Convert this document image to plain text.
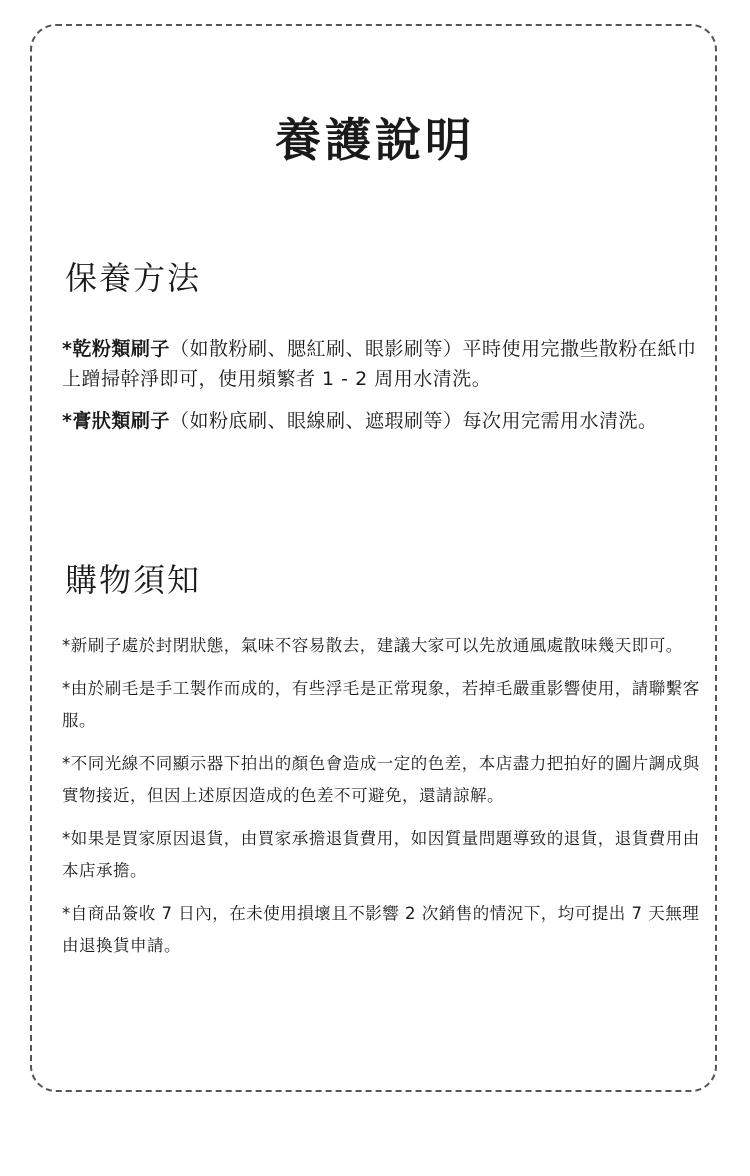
養護說明
保養方法

*乾粉類刷子（如散粉刷、腮紅刷、眼影刷等）平時使用完撒些散粉在紙巾上蹭掃幹淨即可，使用頻繁者 1 - 2 周用水清洗。

*膏狀類刷子（如粉底刷、眼線刷、遮瑕刷等）每次用完需用水清洗。

購物須知

*新刷子處於封閉狀態，氣味不容易散去，建議大家可以先放通風處散味幾天即可。

*由於刷毛是手工製作而成的，有些浮毛是正常現象，若掉毛嚴重影響使用，請聯繫客服。

*不同光線不同顯示器下拍出的顏色會造成一定的色差，本店盡力把拍好的圖片調成與實物接近，但因上述原因造成的色差不可避免，還請諒解。

*如果是買家原因退貨，由買家承擔退貨費用，如因質量問題導致的退貨，退貨費用由本店承擔。

*自商品簽收 7 日內，在未使用損壞且不影響 2 次銷售的情況下，均可提出 7 天無理由退換貨申請。
